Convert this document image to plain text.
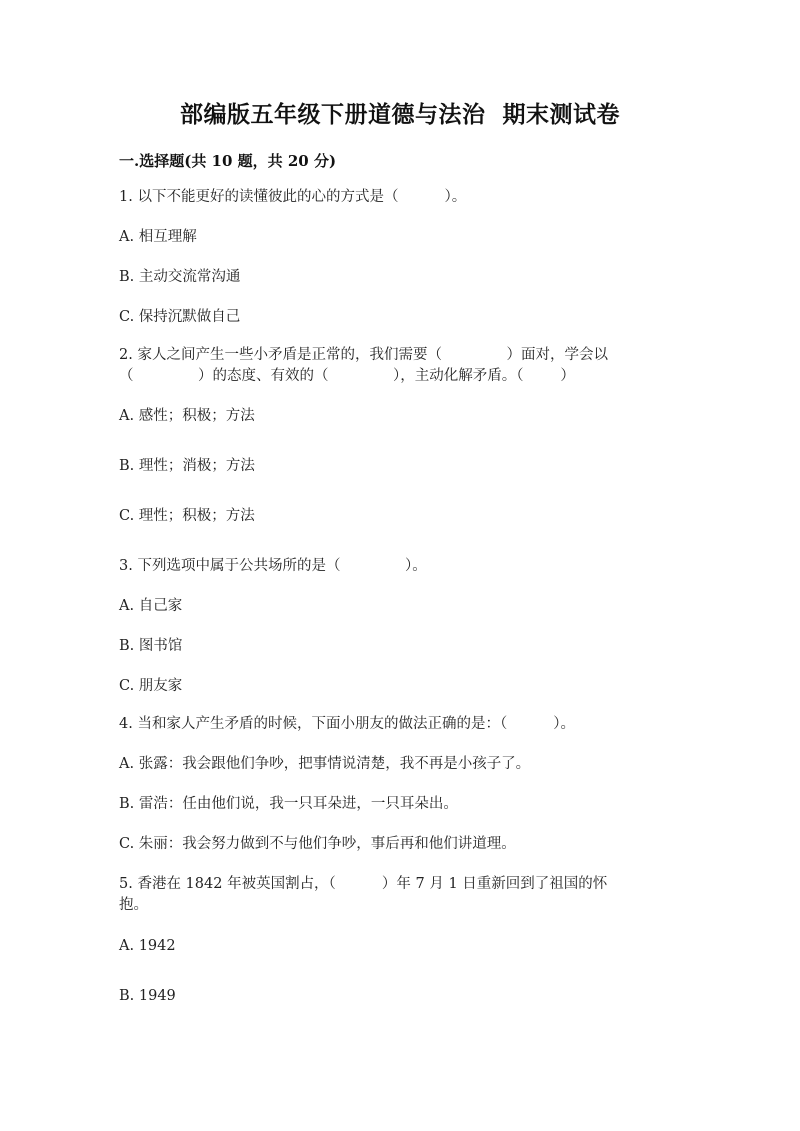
部编版五年级下册道德与法治  期末测试卷
一.选择题(共 10 题，共 20 分)
1. 以下不能更好的读懂彼此的心的方式是（          ）。
A. 相互理解
B. 主动交流常沟通
C. 保持沉默做自己
2. 家人之间产生一些小矛盾是正常的，我们需要（              ）面对，学会以
（              ）的态度、有效的（              ），主动化解矛盾。（        ）
A. 感性；积极；方法
B. 理性；消极；方法
C. 理性；积极；方法
3. 下列选项中属于公共场所的是（              ）。
A. 自己家
B. 图书馆
C. 朋友家
4. 当和家人产生矛盾的时候，下面小朋友的做法正确的是：（          ）。
A. 张露：我会跟他们争吵，把事情说清楚，我不再是小孩子了。
B. 雷浩：任由他们说，我一只耳朵进，一只耳朵出。
C. 朱丽：我会努力做到不与他们争吵，事后再和他们讲道理。
5. 香港在 1842 年被英国割占，（          ）年 7 月 1 日重新回到了祖国的怀
抱。
A. 1942
B. 1949
